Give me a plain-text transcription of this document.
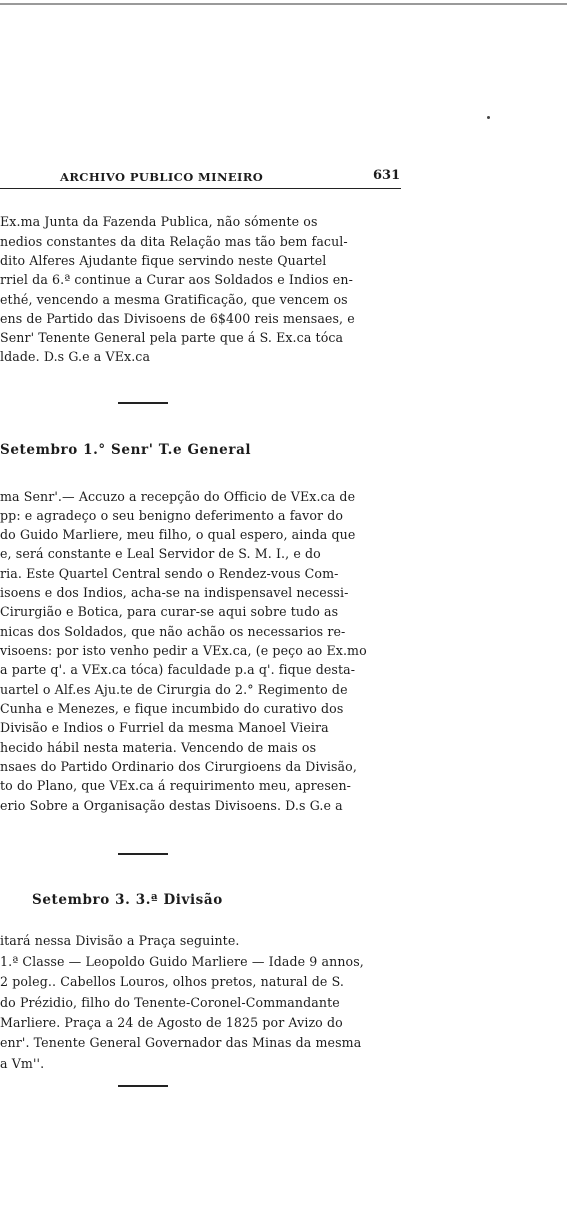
ARCHIVO PUBLICO MINEIRO	631
Ex.ma Junta da Fazenda Publica, não sómente os
nedios constantes da dita Relação mas tão bem facul-
dito Alferes Ajudante fique servindo neste Quartel
rriel da 6.ª continue a Curar aos Soldados e Indios en-
ethé, vencendo a mesma Gratificação, que vencem os
ens de Partido das Divisoens de 6$400 reis mensaes, e
Senr' Tenente General pela parte que á S. Ex.ca tóca
ldade. D.s G.e a VEx.ca
Setembro 1.° Senr' T.e General
ma Senr'.— Accuzo a recepção do Officio de VEx.ca de
pp: e agradeço o seu benigno deferimento a favor do
do Guido Marliere, meu filho, o qual espero, ainda que
e, será constante e Leal Servidor de S. M. I., e do
ria. Este Quartel Central sendo o Rendez-vous Com-
isoens e dos Indios, acha-se na indispensavel necessi-
Cirurgião e Botica, para curar-se aqui sobre tudo as
nicas dos Soldados, que não achão os necessarios re-
visoens: por isto venho pedir a VEx.ca, (e peço ao Ex.mo
a parte q'. a VEx.ca tóca) faculdade p.a q'. fique desta-
uartel o Alf.es Aju.te de Cirurgia do 2.° Regimento de
Cunha e Menezes, e fique incumbido do curativo dos
Divisão e Indios o Furriel da mesma Manoel Vieira
hecido hábil nesta materia. Vencendo de mais os
nsaes do Partido Ordinario dos Cirurgioens da Divisão,
to do Plano, que VEx.ca á requirimento meu, apresen-
erio Sobre a Organisação destas Divisoens. D.s G.e a
Setembro 3. 3.ª Divisão
itará nessa Divisão a Praça seguinte.
1.ª Classe — Leopoldo Guido Marliere — Idade 9 annos,
2 poleg.. Cabellos Louros, olhos pretos, natural de S.
do Prézidio, filho do Tenente-Coronel-Commandante
Marliere. Praça a 24 de Agosto de 1825 por Avizo do
enr'. Tenente General Governador das Minas da mesma
a Vm''.
